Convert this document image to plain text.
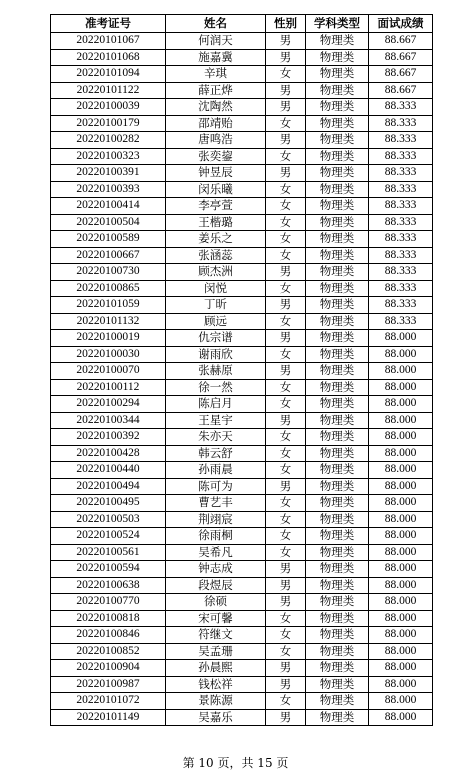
准考证号	姓名	性别	学科类型	面试成绩
20220101067	何润天	男	物理类	88.667
20220101068	施嘉冀	男	物理类	88.667
20220101094	辛琪	女	物理类	88.667
20220101122	薛正烨	男	物理类	88.667
20220100039	沈陶然	男	物理类	88.333
20220100179	邵靖贻	女	物理类	88.333
20220100282	唐鸣浩	男	物理类	88.333
20220100323	张奕鋆	女	物理类	88.333
20220100391	钟昱辰	男	物理类	88.333
20220100393	闵乐曦	女	物理类	88.333
20220100414	李亭萱	女	物理类	88.333
20220100504	王楷璐	女	物理类	88.333
20220100589	姜乐之	女	物理类	88.333
20220100667	张涵蕊	女	物理类	88.333
20220100730	顾杰洲	男	物理类	88.333
20220100865	闵悦	女	物理类	88.333
20220101059	丁昕	男	物理类	88.333
20220101132	顾远	女	物理类	88.333
20220100019	仇宗谱	男	物理类	88.000
20220100030	谢雨欣	女	物理类	88.000
20220100070	张赫原	男	物理类	88.000
20220100112	徐一然	女	物理类	88.000
20220100294	陈启月	女	物理类	88.000
20220100344	王星宇	男	物理类	88.000
20220100392	朱亦天	女	物理类	88.000
20220100428	韩云舒	女	物理类	88.000
20220100440	孙雨晨	女	物理类	88.000
20220100494	陈可为	男	物理类	88.000
20220100495	曹艺丰	女	物理类	88.000
20220100503	荆翊宸	女	物理类	88.000
20220100524	徐雨桐	女	物理类	88.000
20220100561	吴希凡	女	物理类	88.000
20220100594	钟志成	男	物理类	88.000
20220100638	段煜辰	男	物理类	88.000
20220100770	徐硕	男	物理类	88.000
20220100818	宋可馨	女	物理类	88.000
20220100846	符继文	女	物理类	88.000
20220100852	吴孟珊	女	物理类	88.000
20220100904	孙晨熙	男	物理类	88.000
20220100987	钱松祥	男	物理类	88.000
20220101072	景陈源	女	物理类	88.000
20220101149	吴嘉乐	男	物理类	88.000
第 10 页，共 15 页
